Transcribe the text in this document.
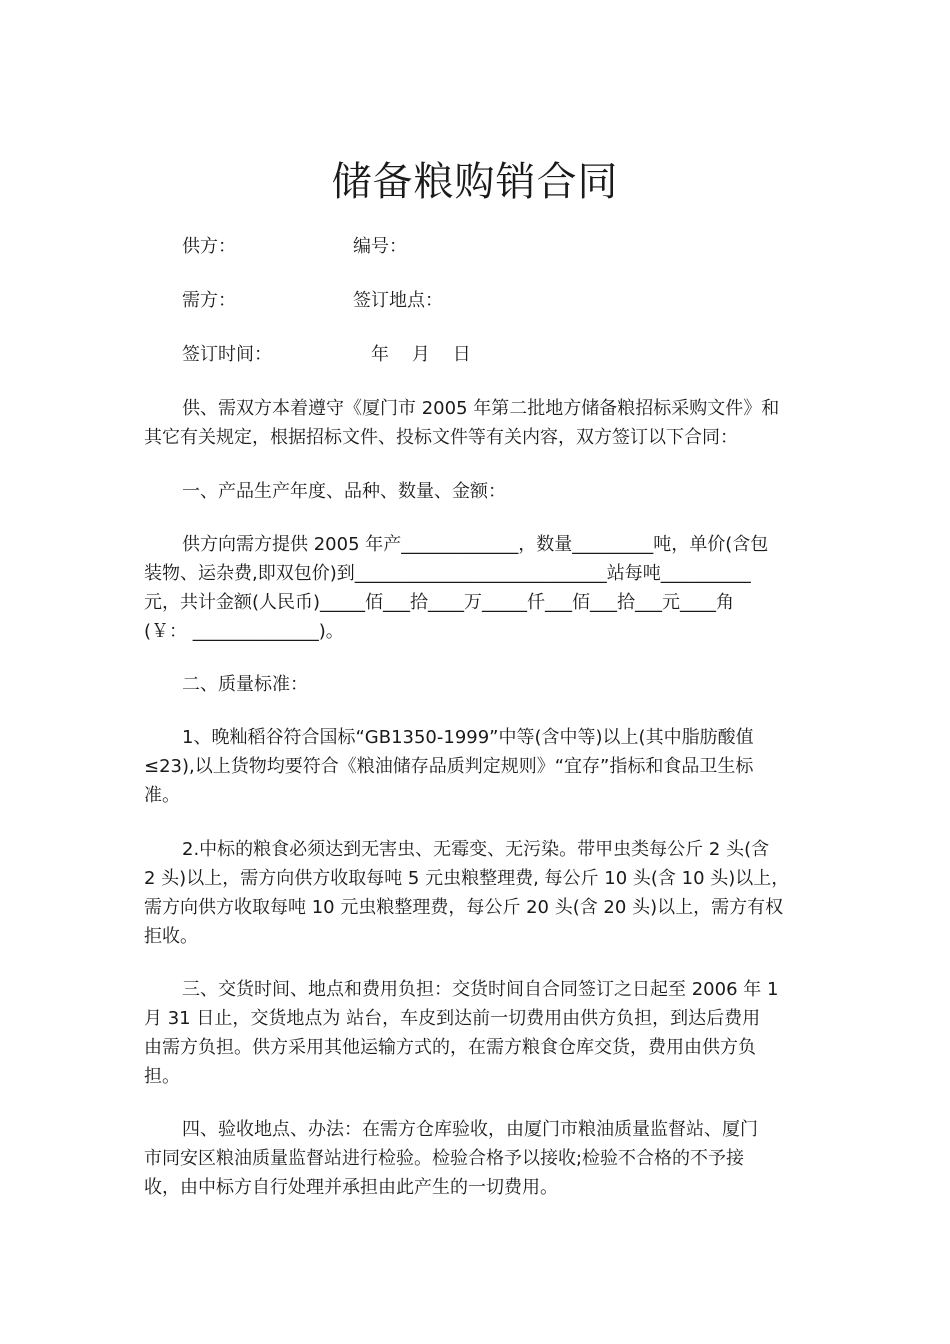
储备粮购销合同
供方：	编号：
需方：	签订地点：
签订时间：	年    月    日
供、需双方本着遵守《厦门市 2005 年第二批地方储备粮招标采购文件》和
其它有关规定，根据招标文件、投标文件等有关内容，双方签订以下合同：
一、产品生产年度、品种、数量、金额：
供方向需方提供 2005 年产_____________，数量_________吨，单价(含包
装物、运杂费,即双包价)到____________________________站每吨__________
元，共计金额(人民币)_____佰___拾____万_____仟___佰___拾___元____角
(￥： ______________)。
二、质量标准：
1、晚籼稻谷符合国标“GB1350-1999”中等(含中等)以上(其中脂肪酸值
≤23),以上货物均要符合《粮油储存品质判定规则》“宜存”指标和食品卫生标
准。
2.中标的粮食必须达到无害虫、无霉变、无污染。带甲虫类每公斤 2 头(含
2 头)以上，需方向供方收取每吨 5 元虫粮整理费, 每公斤 10 头(含 10 头)以上，
需方向供方收取每吨 10 元虫粮整理费，每公斤 20 头(含 20 头)以上，需方有权
拒收。
三、交货时间、地点和费用负担：交货时间自合同签订之日起至 2006 年 1
月 31 日止，交货地点为 站台，车皮到达前一切费用由供方负担，到达后费用
由需方负担。供方采用其他运输方式的，在需方粮食仓库交货，费用由供方负
担。
四、验收地点、办法：在需方仓库验收，由厦门市粮油质量监督站、厦门
市同安区粮油质量监督站进行检验。检验合格予以接收;检验不合格的不予接
收，由中标方自行处理并承担由此产生的一切费用。
